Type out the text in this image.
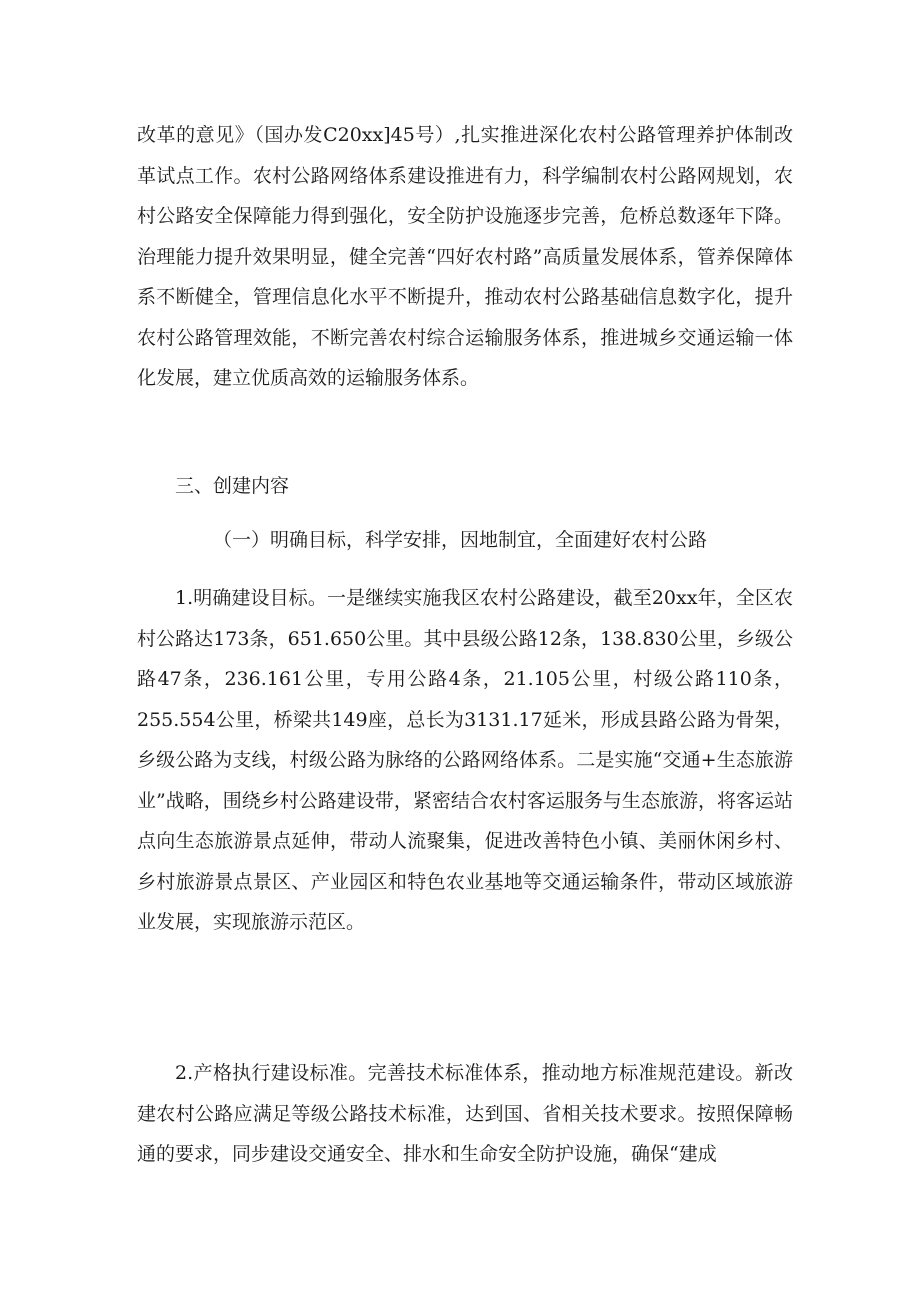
改革的意见》（国办发C20xx]45号）,扎实推进深化农村公路管理养护体制改革试点工作。农村公路网络体系建设推进有力，科学编制农村公路网规划，农村公路安全保障能力得到强化，安全防护设施逐步完善，危桥总数逐年下降。治理能力提升效果明显，健全完善“四好农村路”高质量发展体系，管养保障体系不断健全，管理信息化水平不断提升，推动农村公路基础信息数字化，提升农村公路管理效能，不断完善农村综合运输服务体系，推进城乡交通运输一体化发展，建立优质高效的运输服务体系。

三、创建内容

（一）明确目标，科学安排，因地制宜，全面建好农村公路

1.明确建设目标。一是继续实施我区农村公路建设，截至20xx年，全区农村公路达173条，651.650公里。其中县级公路12条，138.830公里，乡级公路47条，236.161公里，专用公路4条，21.105公里，村级公路110条，255.554公里，桥梁共149座，总长为3131.17延米，形成县路公路为骨架，乡级公路为支线，村级公路为脉络的公路网络体系。二是实施“交通+生态旅游业”战略，围绕乡村公路建设带，紧密结合农村客运服务与生态旅游，将客运站点向生态旅游景点延伸，带动人流聚集，促进改善特色小镇、美丽休闲乡村、乡村旅游景点景区、产业园区和特色农业基地等交通运输条件，带动区域旅游业发展，实现旅游示范区。

2.产格执行建设标准。完善技术标准体系，推动地方标准规范建设。新改建农村公路应满足等级公路技术标准，达到国、省相关技术要求。按照保障畅通的要求，同步建设交通安全、排水和生命安全防护设施，确保“建成
